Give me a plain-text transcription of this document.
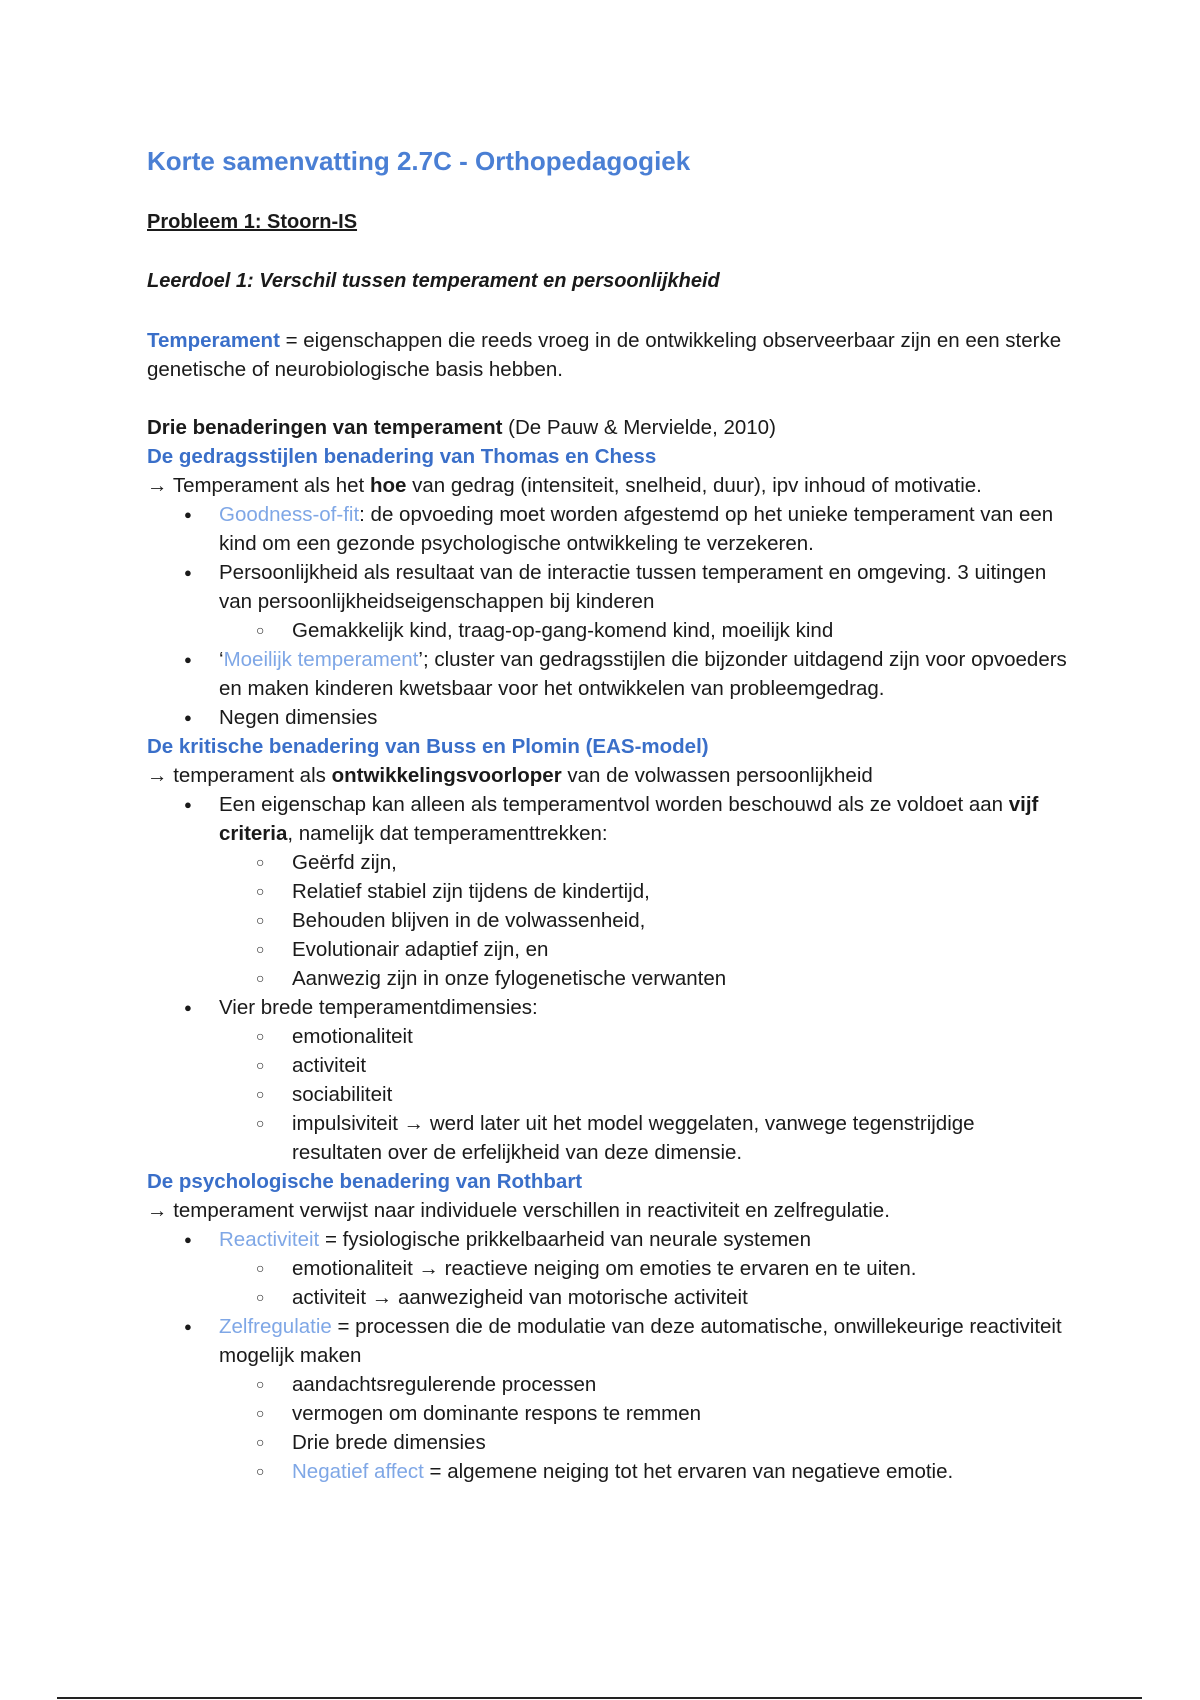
Korte samenvatting 2.7C - Orthopedagogiek
Probleem 1: Stoorn-IS
Leerdoel 1: Verschil tussen temperament en persoonlijkheid

Temperament = eigenschappen die reeds vroeg in de ontwikkeling observeerbaar zijn en een sterke genetische of neurobiologische basis hebben.

Drie benaderingen van temperament (De Pauw & Mervielde, 2010)

De gedragsstijlen benadering van Thomas en Chess

→ Temperament als het hoe van gedrag (intensiteit, snelheid, duur), ipv inhoud of motivatie.

● Goodness-of-fit: de opvoeding moet worden afgestemd op het unieke temperament van een kind om een gezonde psychologische ontwikkeling te verzekeren.
● Persoonlijkheid als resultaat van de interactie tussen temperament en omgeving. 3 uitingen van persoonlijkheidseigenschappen bij kinderen
○ Gemakkelijk kind, traag-op-gang-komend kind, moeilijk kind
● ‘Moeilijk temperament’; cluster van gedragsstijlen die bijzonder uitdagend zijn voor opvoeders en maken kinderen kwetsbaar voor het ontwikkelen van probleemgedrag.
● Negen dimensies

De kritische benadering van Buss en Plomin (EAS-model)

→ temperament als ontwikkelingsvoorloper van de volwassen persoonlijkheid

● Een eigenschap kan alleen als temperamentvol worden beschouwd als ze voldoet aan vijf criteria, namelijk dat temperamenttrekken:
○ Geërfd zijn,
○ Relatief stabiel zijn tijdens de kindertijd,
○ Behouden blijven in de volwassenheid,
○ Evolutionair adaptief zijn, en
○ Aanwezig zijn in onze fylogenetische verwanten
● Vier brede temperamentdimensies:
○ emotionaliteit
○ activiteit
○ sociabiliteit
○ impulsiviteit → werd later uit het model weggelaten, vanwege tegenstrijdige resultaten over de erfelijkheid van deze dimensie.

De psychologische benadering van Rothbart

→ temperament verwijst naar individuele verschillen in reactiviteit en zelfregulatie.

● Reactiviteit = fysiologische prikkelbaarheid van neurale systemen
○ emotionaliteit → reactieve neiging om emoties te ervaren en te uiten.
○ activiteit → aanwezigheid van motorische activiteit
● Zelfregulatie = processen die de modulatie van deze automatische, onwillekeurige reactiviteit mogelijk maken
○ aandachtsregulerende processen
○ vermogen om dominante respons te remmen
○ Drie brede dimensies
○ Negatief affect = algemene neiging tot het ervaren van negatieve emotie.
